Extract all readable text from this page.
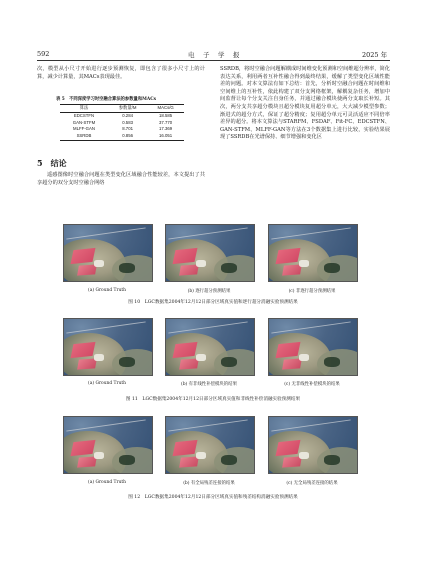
592	电　子　学　报	2025 年

次，模型从小尺寸开始进行逐步预测恢复，即包含了很多小尺寸上的计算，减少计算量，其MACs表现最佳。

表 5　不同深度学习时空融合算法的参数量和MACs
算法	参数量/M	MACs/G
EDCSTFN	0.284	18.585
GAN-STFM	0.583	37.770
MLFF-GAN	8.701	17.369
SSRDB	0.856	16.051
5　结论

遥感图像时空融合问题在类型变化区域融合性能较差，本文提出了共享超分的双分支时空融合网络

SSRDB，将时空融合问题解耦成时间维变化预测和空间维超分辨率，简化表达关系，利用两者互补性融合得到最终结果，缓解了类型变化区域性能差的问题。对本文算法有如下总结：首先，分析时空融合问题在时间维和空间维上的互补性，依此构建了双分支网络框架，解耦复杂任务，增加中间监督让每个分支关注自身任务，并通过融合模块使两分支取长补短。其次，两分支共享超分模块且超分模块复用超分单元，大大减少模型参数；渐进式的超分方式，保证了超分精度；复用超分单元可灵活适应不同倍率差异的超分。将本文算法与STARFM、FSDAF、Fit-FC、EDCSTFN、GAN-STFM、MLFF-GAN等方法在3个数据集上进行比较，实验结果展现了SSRDB在光谱保持、细节增强和变化区

(a) Ground Truth	(b) 逐行超分预测结果	(c) 非逐行超分预测结果
图 10　LGC数据集2004年12月12日部分区域真实值和逐行超分消融实验预测结果
(a) Ground Truth	(b) 有非线性补偿模块的结果	(c) 无非线性补偿模块的结果
图 11　LGC数据集2004年12月12日部分区域真实值和非线性补偿消融实验预测结果
(a) Ground Truth	(b) 有全局残差连接的结果	(c) 无全局残差连接的结果
图 12　LGC数据集2004年12月12日部分区域真实值和残差结构消融实验预测结果
